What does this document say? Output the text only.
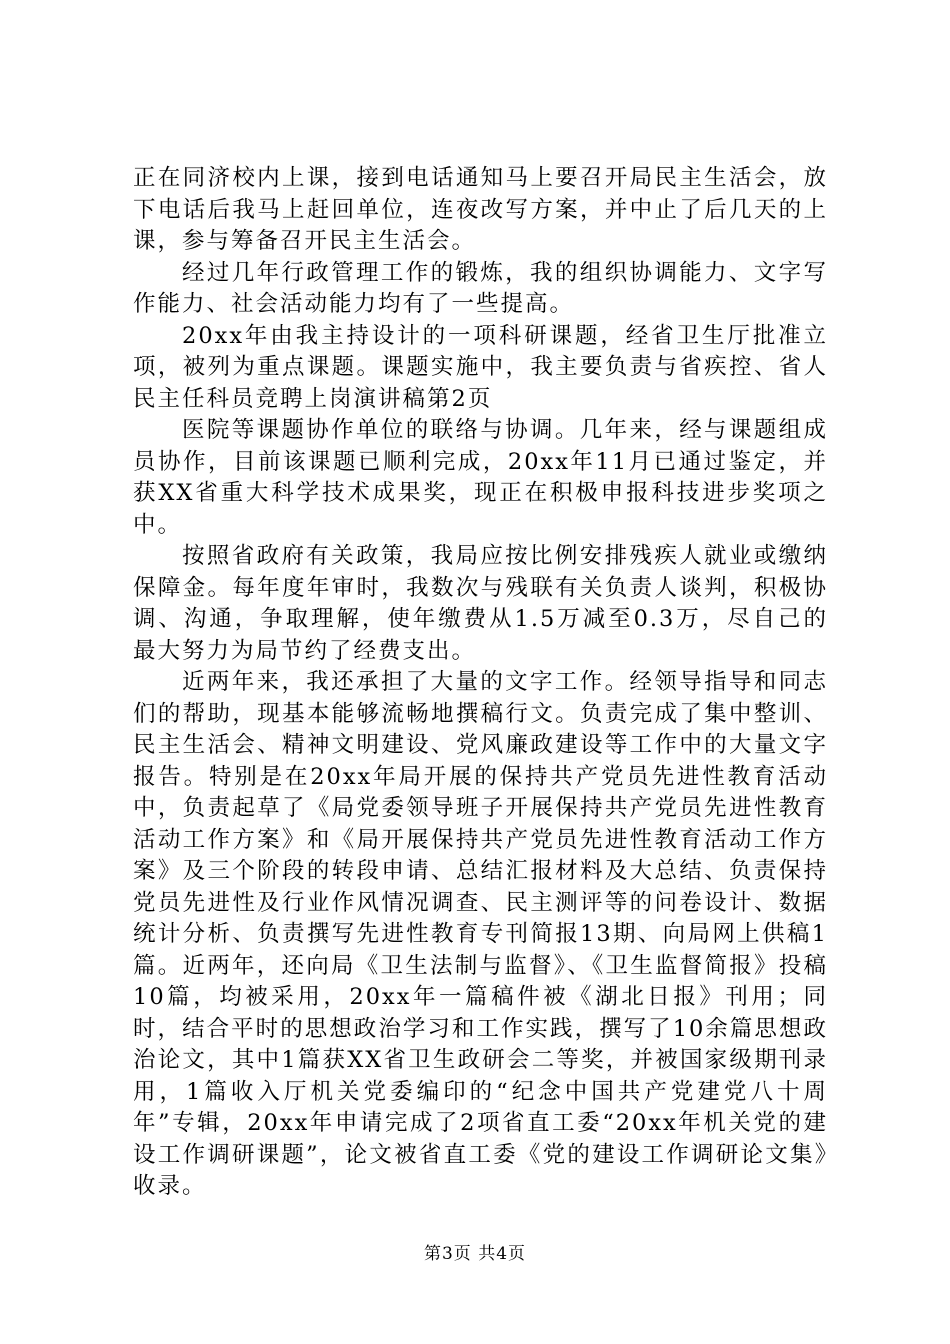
正在同济校内上课，接到电话通知马上要召开局民主生活会，放下电话后我马上赶回单位，连夜改写方案，并中止了后几天的上课，参与筹备召开民主生活会。

经过几年行政管理工作的锻炼，我的组织协调能力、文字写作能力、社会活动能力均有了一些提高。

20xx年由我主持设计的一项科研课题，经省卫生厅批准立项，被列为重点课题。课题实施中，我主要负责与省疾控、省人民主任科员竞聘上岗演讲稿第2页

医院等课题协作单位的联络与协调。几年来，经与课题组成员协作，目前该课题已顺利完成，20xx年11月已通过鉴定，并获XX省重大科学技术成果奖，现正在积极申报科技进步奖项之中。

按照省政府有关政策，我局应按比例安排残疾人就业或缴纳保障金。每年度年审时，我数次与残联有关负责人谈判，积极协调、沟通，争取理解，使年缴费从1.5万减至0.3万，尽自己的最大努力为局节约了经费支出。

近两年来，我还承担了大量的文字工作。经领导指导和同志们的帮助，现基本能够流畅地撰稿行文。负责完成了集中整训、民主生活会、精神文明建设、党风廉政建设等工作中的大量文字报告。特别是在20xx年局开展的保持共产党员先进性教育活动中，负责起草了《局党委领导班子开展保持共产党员先进性教育活动工作方案》和《局开展保持共产党员先进性教育活动工作方案》及三个阶段的转段申请、总结汇报材料及大总结、负责保持党员先进性及行业作风情况调查、民主测评等的问卷设计、数据统计分析、负责撰写先进性教育专刊简报13期、向局网上供稿1篇。近两年，还向局《卫生法制与监督》、《卫生监督简报》投稿10篇，均被采用，20xx年一篇稿件被《湖北日报》刊用；同时，结合平时的思想政治学习和工作实践，撰写了10余篇思想政治论文，其中1篇获XX省卫生政研会二等奖，并被国家级期刊录用，1篇收入厅机关党委编印的“纪念中国共产党建党八十周年”专辑，20xx年申请完成了2项省直工委“20xx年机关党的建设工作调研课题”，论文被省直工委《党的建设工作调研论文集》收录。

第3页 共4页
